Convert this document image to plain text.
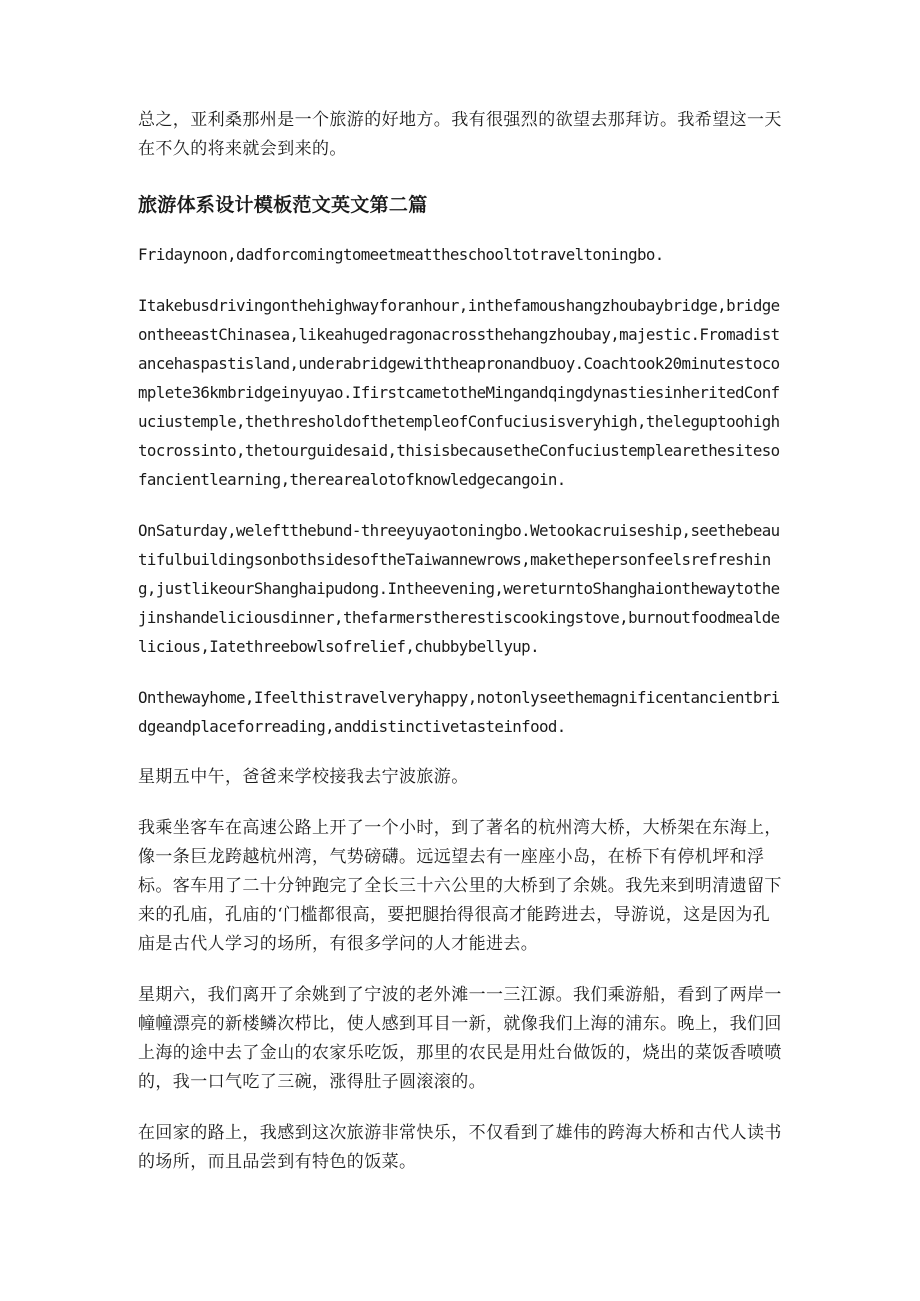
总之，亚利桑那州是一个旅游的好地方。我有很强烈的欲望去那拜访。我希望这一天在不久的将来就会到来的。

旅游体系设计模板范文英文第二篇

Fridaynoon,dadforcomingtomeetmeattheschooltotraveltoningbo.

Itakebusdrivingonthehighwayforanhour,inthefamoushangzhoubaybridge,bridgeontheeastChinasea,likeahugedragonacrossthehangzhoubay,majestic.Fromadistancehaspastisland,underabridgewiththeapronandbuoy.Coachtook20minutestocomplete36kmbridgeinyuyao.IfirstcametotheMingandqingdynastiesinheritedConfuciustemple,thethresholdofthetempleofConfuciusisveryhigh,theleguptoohightocrossinto,thetourguidesaid,thisisbecausetheConfuciustemplearethesitesofancientlearning,therearealotofknowledgecangoin.

OnSaturday,weleftthebund-threeyuyaotoningbo.Wetookacruiseship,seethebeautifulbuildingsonbothsidesoftheTaiwannewrows,makethepersonfeelsrefreshing,justlikeourShanghaipudong.Intheevening,wereturntoShanghaionthewaytothejinshandeliciousdinner,thefarmerstherestiscookingstove,burnoutfoodmealdelicious,Iatethreebowlsofrelief,chubbybellyup.

Onthewayhome,Ifeelthistravelveryhappy,notonlyseethemagnificentancientbridgeandplaceforreading,anddistinctivetasteinfood.

星期五中午，爸爸来学校接我去宁波旅游。

我乘坐客车在高速公路上开了一个小时，到了著名的杭州湾大桥，大桥架在东海上，像一条巨龙跨越杭州湾，气势磅礴。远远望去有一座座小岛，在桥下有停机坪和浮标。客车用了二十分钟跑完了全长三十六公里的大桥到了余姚。我先来到明清遗留下来的孔庙，孔庙的‘门槛都很高，要把腿抬得很高才能跨进去，导游说，这是因为孔庙是古代人学习的场所，有很多学问的人才能进去。

星期六，我们离开了余姚到了宁波的老外滩一一三江源。我们乘游船，看到了两岸一幢幢漂亮的新楼鳞次栉比，使人感到耳目一新，就像我们上海的浦东。晚上，我们回上海的途中去了金山的农家乐吃饭，那里的农民是用灶台做饭的，烧出的菜饭香喷喷的，我一口气吃了三碗，涨得肚子圆滚滚的。

在回家的路上，我感到这次旅游非常快乐，不仅看到了雄伟的跨海大桥和古代人读书的场所，而且品尝到有特色的饭菜。
